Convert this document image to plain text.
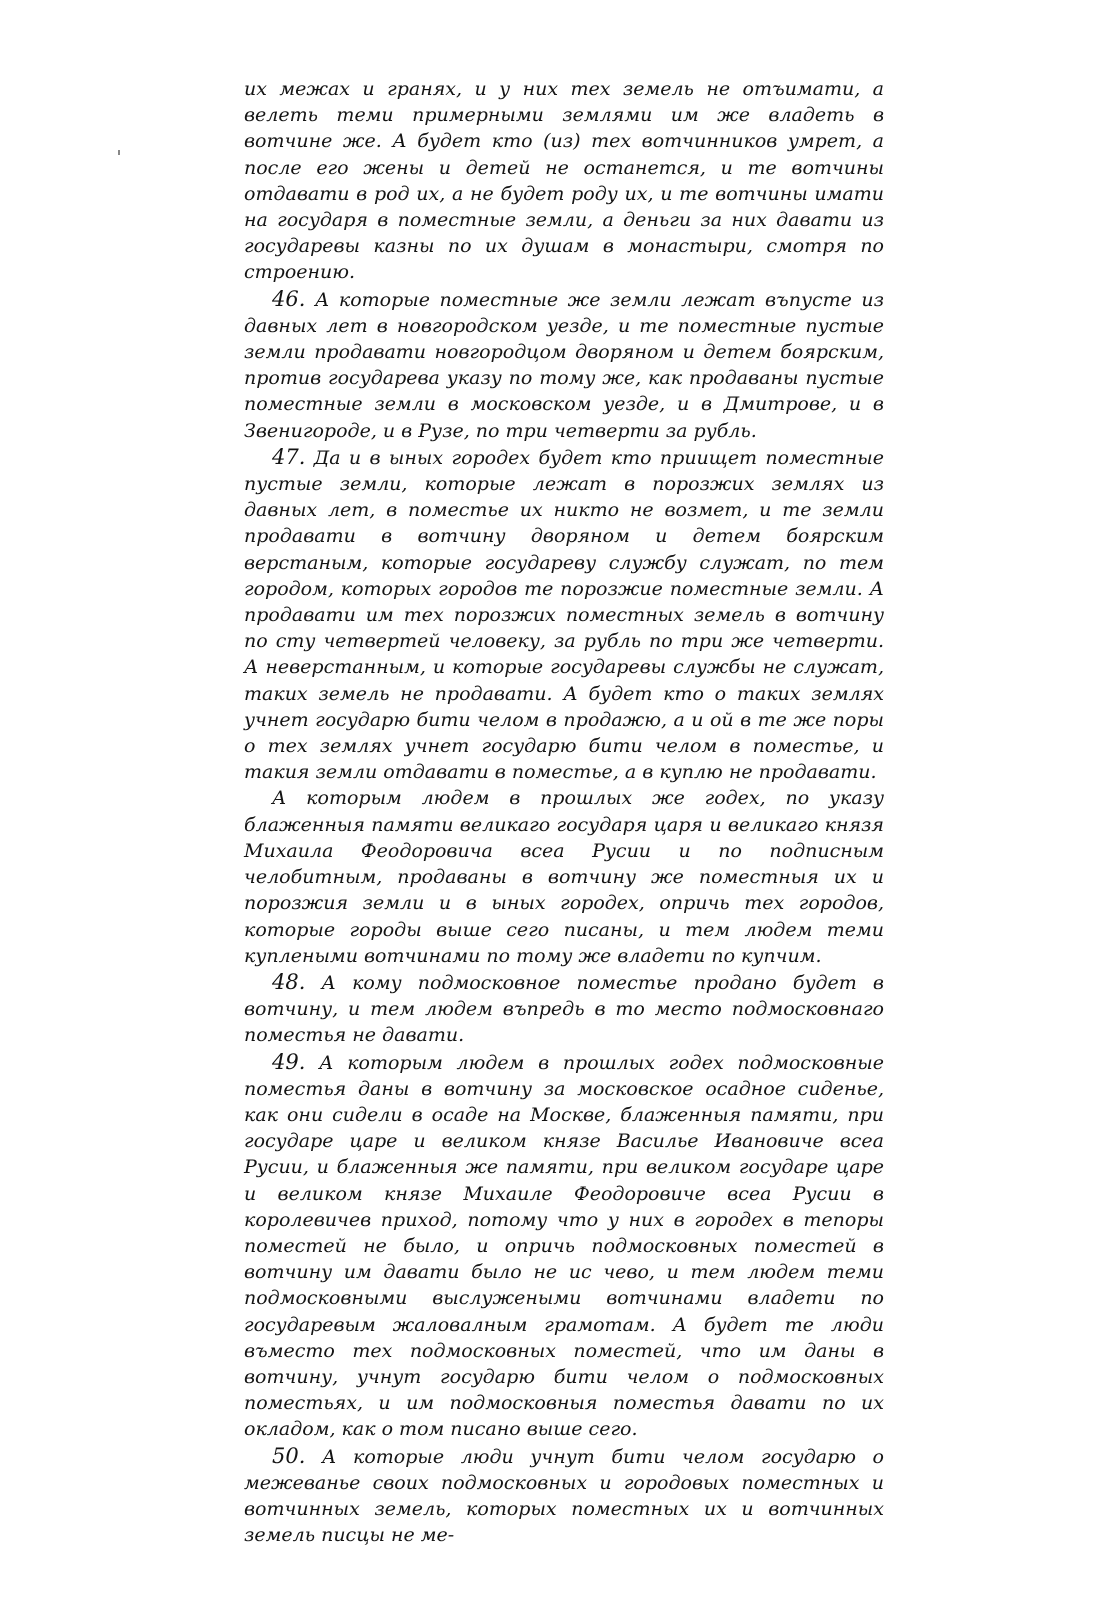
их межах и гранях, и у них тех земель не отъимати, а велеть теми примерными землями им же владеть в вотчине же. А будет кто (из) тех вотчинников умрет, а после его жены и детей не останется, и те вотчины отдавати в род их, а не будет роду их, и те вотчины имати на государя в поместные земли, а деньги за них давати из государевы казны по их душам в монастыри, смотря по строению.

46. А которые поместные же земли лежат въпусте из давных лет в новгородском уезде, и те поместные пустые земли продавати новгородцом дворяном и детем боярским, против государева указу по тому же, как продаваны пустые поместные земли в московском уезде, и в Дмитрове, и в Звенигороде, и в Рузе, по три четверти за рубль.

47. Да и в ыных городех будет кто приищет поместные пустые земли, которые лежат в порозжих землях из давных лет, в поместье их никто не возмет, и те земли продавати в вотчину дворяном и детем боярским верстаным, которые государеву службу служат, по тем городом, которых городов те порозжие поместные земли. А продавати им тех порозжих поместных земель в вотчину по сту четвертей человеку, за рубль по три же четверти. А неверстанным, и которые государевы службы не служат, таких земель не продавати. А будет кто о таких землях учнет государю бити челом в продажю, а и ой в те же поры о тех землях учнет государю бити челом в поместье, и такия земли отдавати в поместье, а в куплю не продавати.

А которым людем в прошлых же годех, по указу блаженныя памяти великаго государя царя и великаго князя Михаила Феодоровича всеа Русии и по подписным челобитным, продаваны в вотчину же поместныя их и порозжия земли и в ыных городех, опричь тех городов, которые городы выше сего писаны, и тем людем теми куплеными вотчинами по тому же владети по купчим.

48. А кому подмосковное поместье продано будет в вотчину, и тем людем въпредь в то место подмосковнаго поместья не давати.

49. А которым людем в прошлых годех подмосковные поместья даны в вотчину за московское осадное сиденье, как они сидели в осаде на Москве, блаженныя памяти, при государе царе и великом князе Василье Ивановиче всеа Русии, и блаженныя же памяти, при великом государе царе и великом князе Михаиле Феодоровиче всеа Русии в королевичев приход, потому что у них в городех в тепоры поместей не было, и опричь подмосковных поместей в вотчину им давати было не ис чево, и тем людем теми подмосковными выслужеными вотчинами владети по государевым жаловалным грамотам. А будет те люди въместо тех подмосковных поместей, что им даны в вотчину, учнут государю бити челом о подмосковных поместьях, и им подмосковныя поместья давати по их окладом, как о том писано выше сего.

50. А которые люди учнут бити челом государю о межеванье своих подмосковных и городовых поместных и вотчинных земель, которых поместных их и вотчинных земель писцы не ме-
